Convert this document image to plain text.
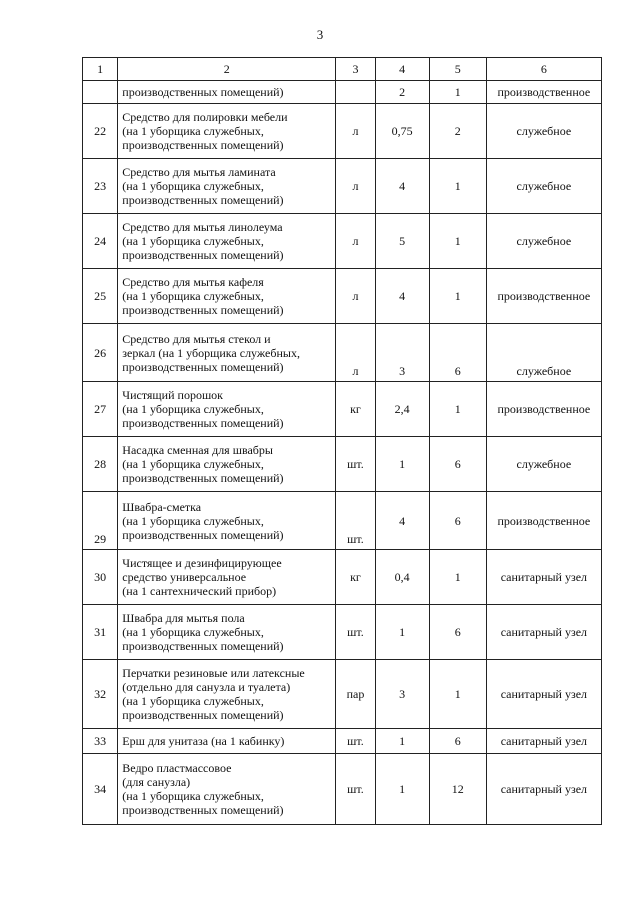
3
1	2	3	4	5	6
	производственных помещений)		2	1	производственное
22	Средство для полировки мебели
(на 1 уборщика служебных,
производственных помещений)	л	0,75	2	служебное
23	Средство для мытья ламината
(на 1 уборщика служебных,
производственных помещений)	л	4	1	служебное
24	Средство для мытья линолеума
(на 1 уборщика служебных,
производственных помещений)	л	5	1	служебное
25	Средство для мытья кафеля
(на 1 уборщика служебных,
производственных помещений)	л	4	1	производственное
26	Средство для мытья стекол и
зеркал (на 1 уборщика служебных,
производственных помещений)	л	3	6	служебное
27	Чистящий порошок
(на 1 уборщика служебных,
производственных помещений)	кг	2,4	1	производственное
28	Насадка сменная для швабры
(на 1 уборщика служебных,
производственных помещений)	шт.	1	6	служебное
29	Швабра-сметка
(на 1 уборщика служебных,
производственных помещений)	шт.	4	6	производственное
30	Чистящее и дезинфицирующее
средство универсальное
(на 1 сантехнический прибор)	кг	0,4	1	санитарный узел
31	Швабра для мытья пола
(на 1 уборщика служебных,
производственных помещений)	шт.	1	6	санитарный узел
32	Перчатки резиновые или латексные
(отдельно для санузла и туалета)
(на 1 уборщика служебных,
производственных помещений)	пар	3	1	санитарный узел
33	Ерш для унитаза (на 1 кабинку)	шт.	1	6	санитарный узел
34	Ведро пластмассовое
(для санузла)
(на 1 уборщика служебных,
производственных помещений)	шт.	1	12	санитарный узел
